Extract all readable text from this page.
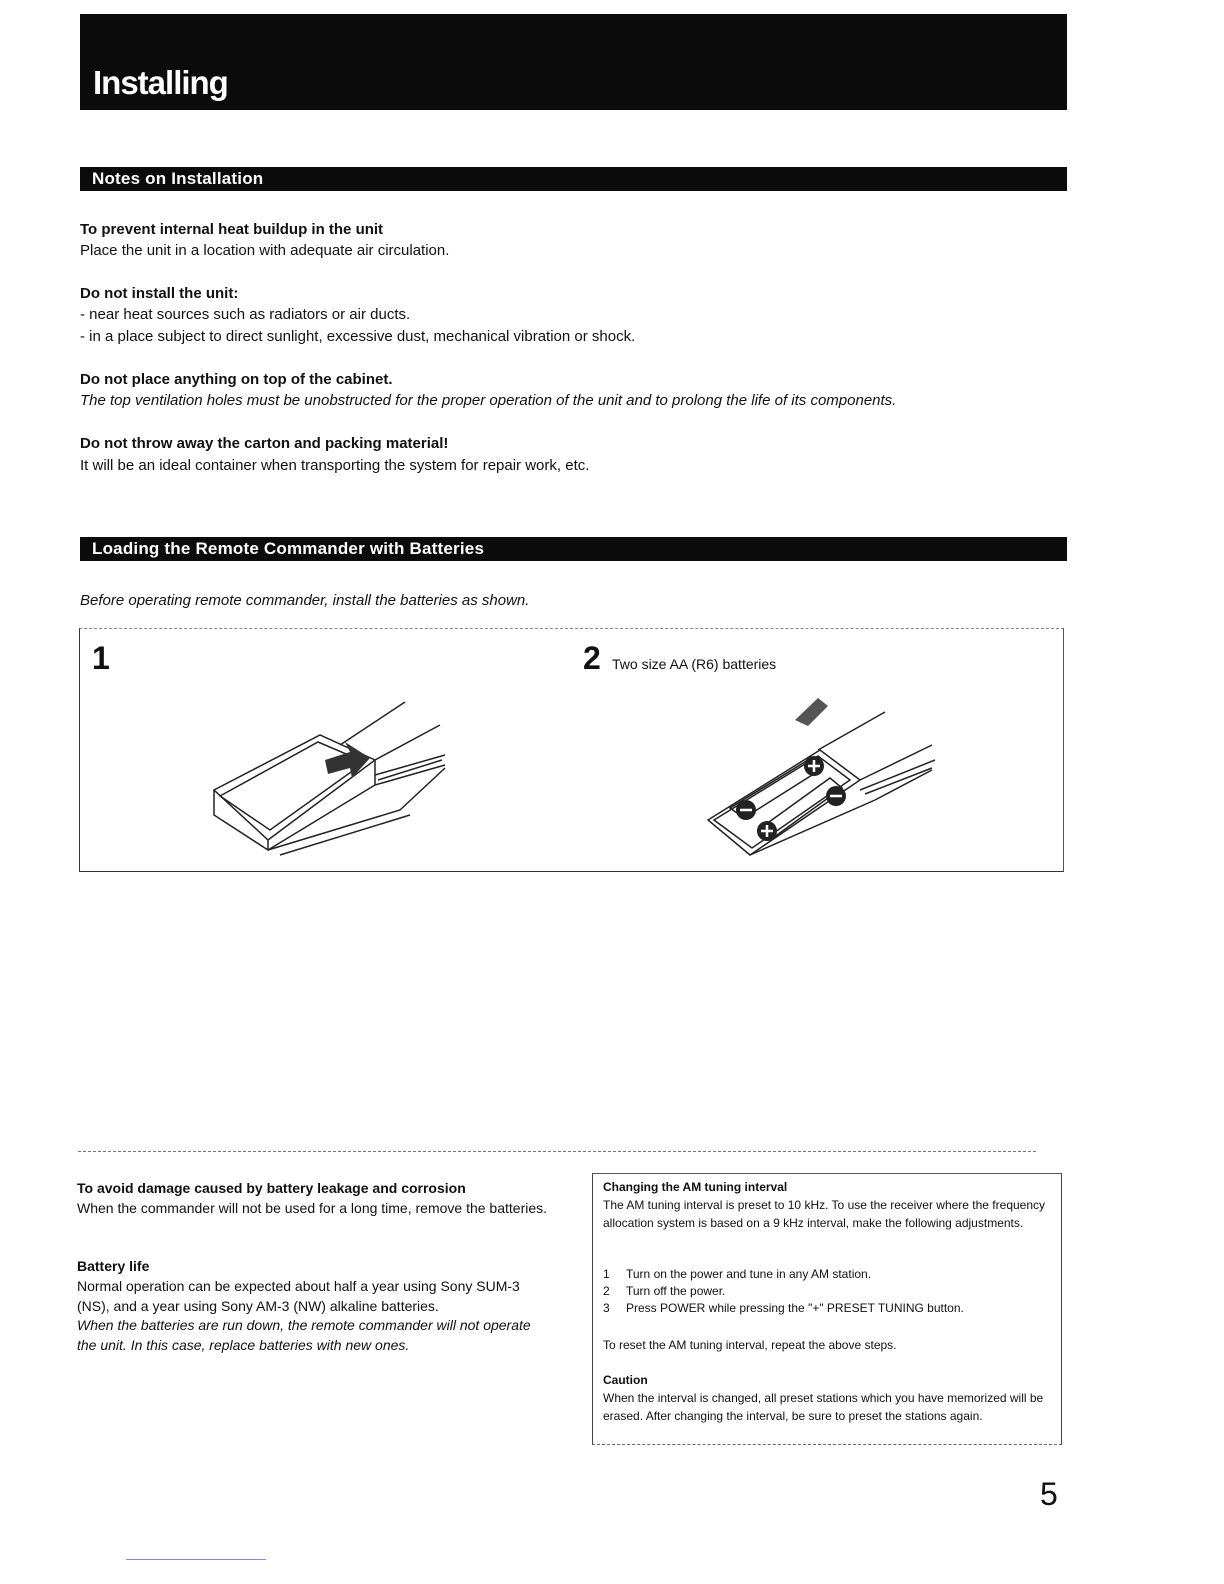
Installing
Notes on Installation
To prevent internal heat buildup in the unit
Place the unit in a location with adequate air circulation.
Do not install the unit:
- near heat sources such as radiators or air ducts.
- in a place subject to direct sunlight, excessive dust, mechanical vibration or shock.
Do not place anything on top of the cabinet.
The top ventilation holes must be unobstructed for the proper operation of the unit and to prolong the life of its components.
Do not throw away the carton and packing material!
It will be an ideal container when transporting the system for repair work, etc.
Loading the Remote Commander with Batteries
Before operating remote commander, install the batteries as shown.
1	2 Two size AA (R6) batteries
To avoid damage caused by battery leakage and corrosion
When the commander will not be used for a long time, remove the batteries.
Battery life
Normal operation can be expected about half a year using Sony SUM-3 (NS), and a year using Sony AM-3 (NW) alkaline batteries.
When the batteries are run down, the remote commander will not operate the unit. In this case, replace batteries with new ones.
Changing the AM tuning interval
The AM tuning interval is preset to 10 kHz. To use the receiver where the frequency allocation system is based on a 9 kHz interval, make the following adjustments.
1 Turn on the power and tune in any AM station.
2 Turn off the power.
3 Press POWER while pressing the "+" PRESET TUNING button.
To reset the AM tuning interval, repeat the above steps.
Caution
When the interval is changed, all preset stations which you have memorized will be erased. After changing the interval, be sure to preset the stations again.
5
